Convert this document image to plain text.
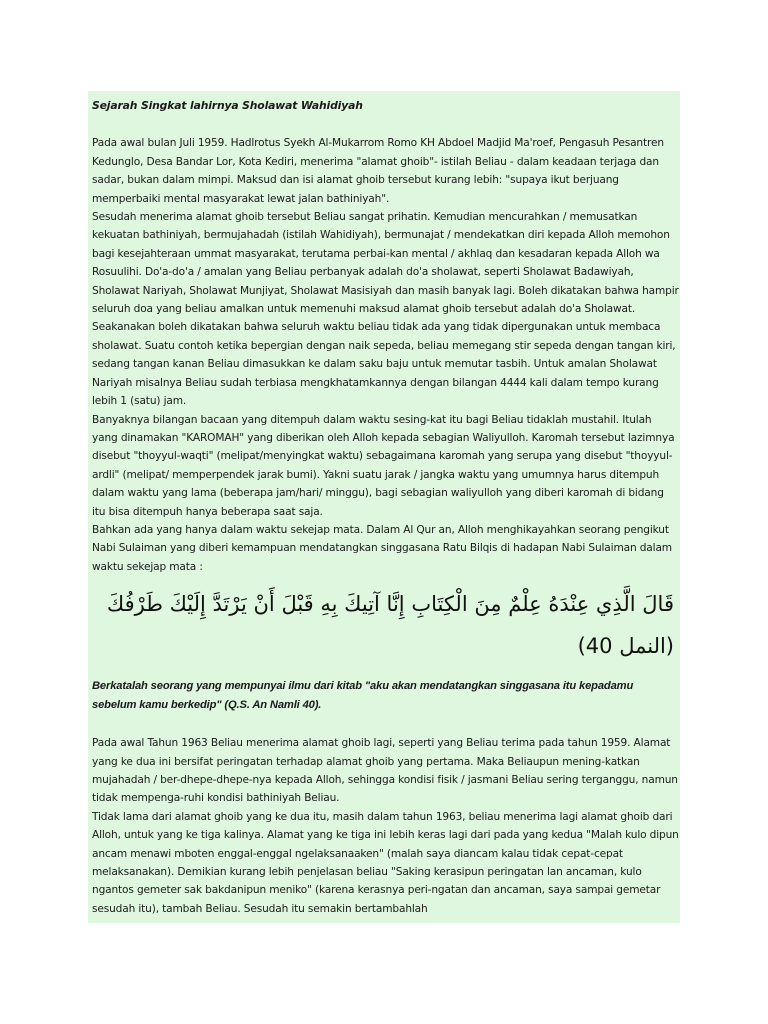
Sejarah Singkat lahirnya Sholawat Wahidiyah

Pada awal bulan Juli 1959. Hadlrotus Syekh Al-Mukarrom Romo KH Abdoel Madjid Ma'roef, Pengasuh Pesantren Kedunglo, Desa Bandar Lor, Kota Kediri, menerima "alamat ghoib"- istilah Beliau - dalam keadaan terjaga dan sadar, bukan dalam mimpi. Maksud dan isi alamat ghoib tersebut kurang lebih: "supaya ikut berjuang memperbaiki mental masyarakat lewat jalan bathiniyah".

Sesudah menerima alamat ghoib tersebut Beliau sangat prihatin. Kemudian mencurahkan / memusatkan kekuatan bathiniyah, bermujahadah (istilah Wahidiyah), bermunajat / mendekatkan diri kepada Alloh memohon bagi kesejahteraan ummat masyarakat, terutama perbai-kan mental / akhlaq dan kesadaran kepada Alloh wa Rosuulihi. Do'a-do'a / amalan yang Beliau perbanyak adalah do'a sholawat, seperti Sholawat Badawiyah, Sholawat Nariyah, Sholawat Munjiyat, Sholawat Masisiyah dan masih banyak lagi. Boleh dikatakan bahwa hampir seluruh doa yang beliau amalkan untuk memenuhi maksud alamat ghoib tersebut adalah do'a Sholawat. Seakanakan boleh dikatakan bahwa seluruh waktu beliau tidak ada yang tidak dipergunakan untuk membaca sholawat. Suatu contoh ketika bepergian dengan naik sepeda, beliau memegang stir sepeda dengan tangan kiri, sedang tangan kanan Beliau dimasukkan ke dalam saku baju untuk memutar tasbih. Untuk amalan Sholawat Nariyah misalnya Beliau sudah terbiasa mengkhatamkannya dengan bilangan 4444 kali dalam tempo kurang lebih 1 (satu) jam.

Banyaknya bilangan bacaan yang ditempuh dalam waktu sesing-kat itu bagi Beliau tidaklah mustahil. Itulah yang dinamakan "KAROMAH" yang diberikan oleh Alloh kepada sebagian Waliyulloh. Karomah tersebut lazimnya disebut "thoyyul-waqti" (melipat/menyingkat waktu) sebagaimana karomah yang serupa yang disebut "thoyyul-ardli" (melipat/ memperpendek jarak bumi). Yakni suatu jarak / jangka waktu yang umumnya harus ditempuh dalam waktu yang lama (beberapa jam/hari/ minggu), bagi sebagian waliyulloh yang diberi karomah di bidang itu bisa ditempuh hanya beberapa saat saja.

Bahkan ada yang hanya dalam waktu sekejap mata. Dalam Al Qur an, Alloh menghikayahkan seorang pengikut Nabi Sulaiman yang diberi kemampuan mendatangkan singgasana Ratu Bilqis di hadapan Nabi Sulaiman dalam waktu sekejap mata :

قَالَ الَّذِي عِنْدَهُ عِلْمٌ مِنَ الْكِتَابِ إِنَّا آتِيكَ بِهِ قَبْلَ أَنْ يَرْتَدَّ إِلَيْكَ طَرْفُكَ
(النمل 40)

Berkatalah seorang yang mempunyai ilmu dari kitab "aku akan mendatangkan singgasana itu kepadamu sebelum kamu berkedip" (Q.S. An Namli 40).

Pada awal Tahun 1963 Beliau menerima alamat ghoib lagi, seperti yang Beliau terima pada tahun 1959. Alamat yang ke dua ini bersifat peringatan terhadap alamat ghoib yang pertama. Maka Beliaupun mening-katkan mujahadah / ber-dhepe-dhepe-nya kepada Alloh, sehingga kondisi fisik / jasmani Beliau sering terganggu, namun tidak mempenga-ruhi kondisi bathiniyah Beliau.

Tidak lama dari alamat ghoib yang ke dua itu, masih dalam tahun 1963, beliau menerima lagi alamat ghoib dari Alloh, untuk yang ke tiga kalinya. Alamat yang ke tiga ini lebih keras lagi dari pada yang kedua "Malah kulo dipun ancam menawi mboten enggal-enggal ngelaksanaaken" (malah saya diancam kalau tidak cepat-cepat melaksanakan). Demikian kurang lebih penjelasan beliau "Saking kerasipun peringatan lan ancaman, kulo ngantos gemeter sak bakdanipun meniko" (karena kerasnya peri-ngatan dan ancaman, saya sampai gemetar sesudah itu), tambah Beliau. Sesudah itu semakin bertambahlah
